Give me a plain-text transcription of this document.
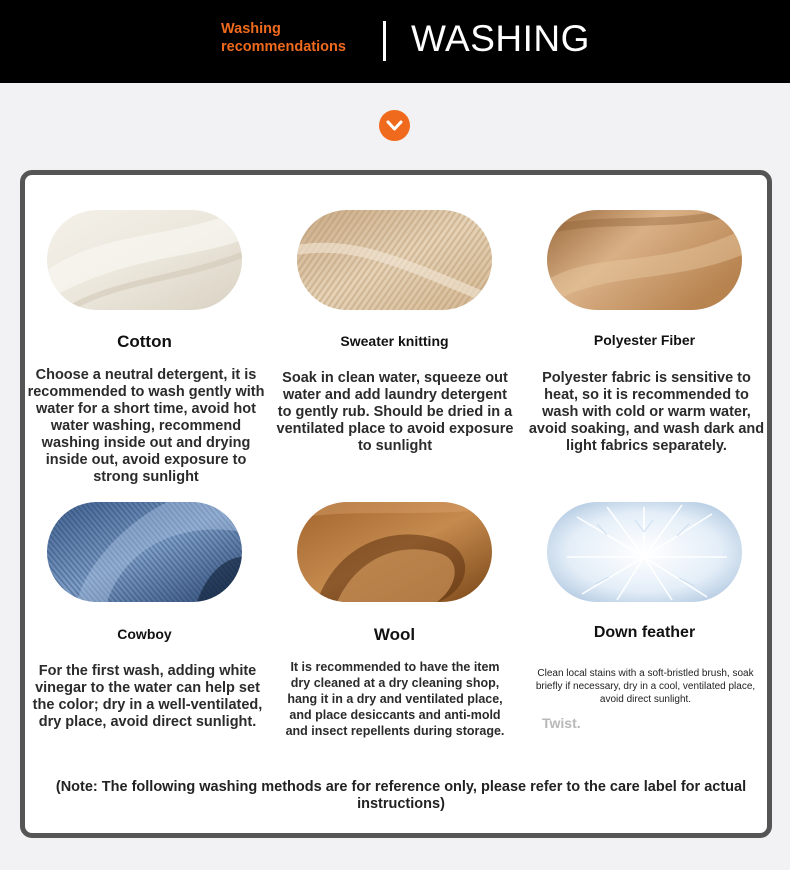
Washing recommendations	WASHING
Cotton	Sweater knitting	Polyester Fiber
Choose a neutral detergent, it is recommended to wash gently with water for a short time, avoid hot water washing, recommend washing inside out and drying inside out, avoid exposure to strong sunlight
Soak in clean water, squeeze out water and add laundry detergent to gently rub. Should be dried in a ventilated place to avoid exposure to sunlight
Polyester fabric is sensitive to heat, so it is recommended to wash with cold or warm water, avoid soaking, and wash dark and light fabrics separately.
Cowboy	Wool	Down feather
For the first wash, adding white vinegar to the water can help set the color; dry in a well-ventilated, dry place, avoid direct sunlight.
It is recommended to have the item dry cleaned at a dry cleaning shop, hang it in a dry and ventilated place, and place desiccants and anti-mold and insect repellents during storage.
Clean local stains with a soft-bristled brush, soak briefly if necessary, dry in a cool, ventilated place, avoid direct sunlight.
Twist.
(Note: The following washing methods are for reference only, please refer to the care label for actual instructions)
